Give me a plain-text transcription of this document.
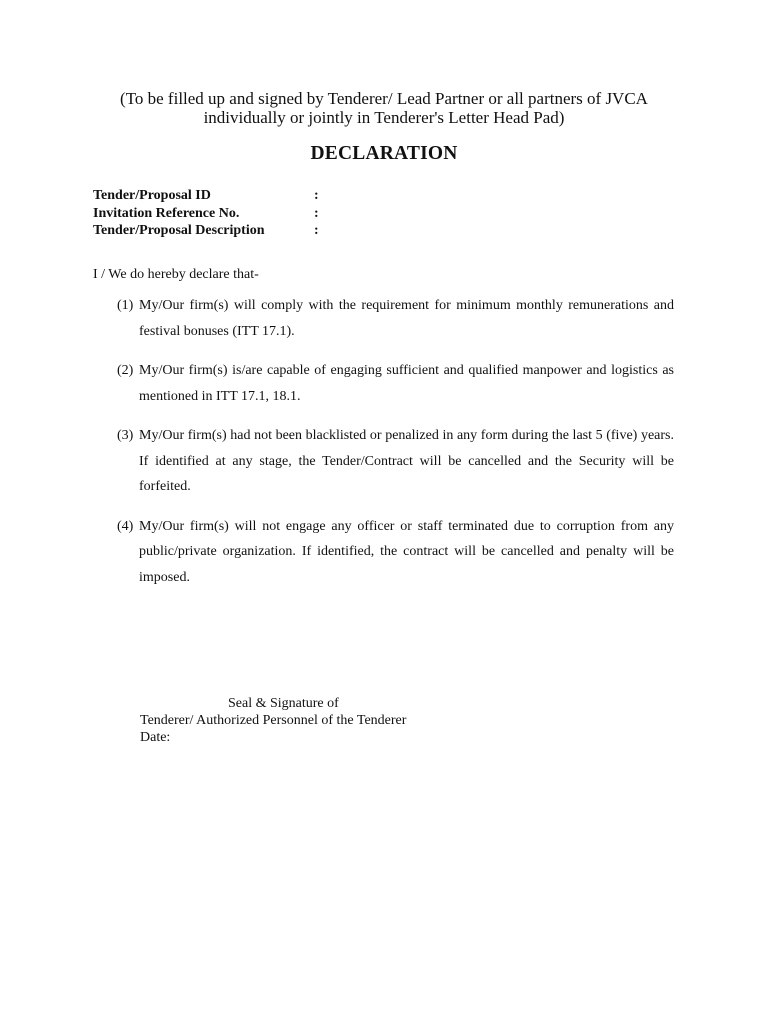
(To be filled up and signed by Tenderer/ Lead Partner or all partners of JVCA
individually or jointly in Tenderer's Letter Head Pad)
DECLARATION
Tender/Proposal ID	:
Invitation Reference No.	:
Tender/Proposal Description	:
I / We do hereby declare that-
(1) My/Our firm(s) will comply with the requirement for minimum monthly remunerations and festival bonuses (ITT 17.1).
(2) My/Our firm(s) is/are capable of engaging sufficient and qualified manpower and logistics as mentioned in ITT 17.1, 18.1.
(3) My/Our firm(s) had not been blacklisted or penalized in any form during the last 5 (five) years. If identified at any stage, the Tender/Contract will be cancelled and the Security will be forfeited.
(4) My/Our firm(s) will not engage any officer or staff terminated due to corruption from any public/private organization. If identified, the contract will be cancelled and penalty will be imposed.
Seal & Signature of
Tenderer/ Authorized Personnel of the Tenderer
Date:
